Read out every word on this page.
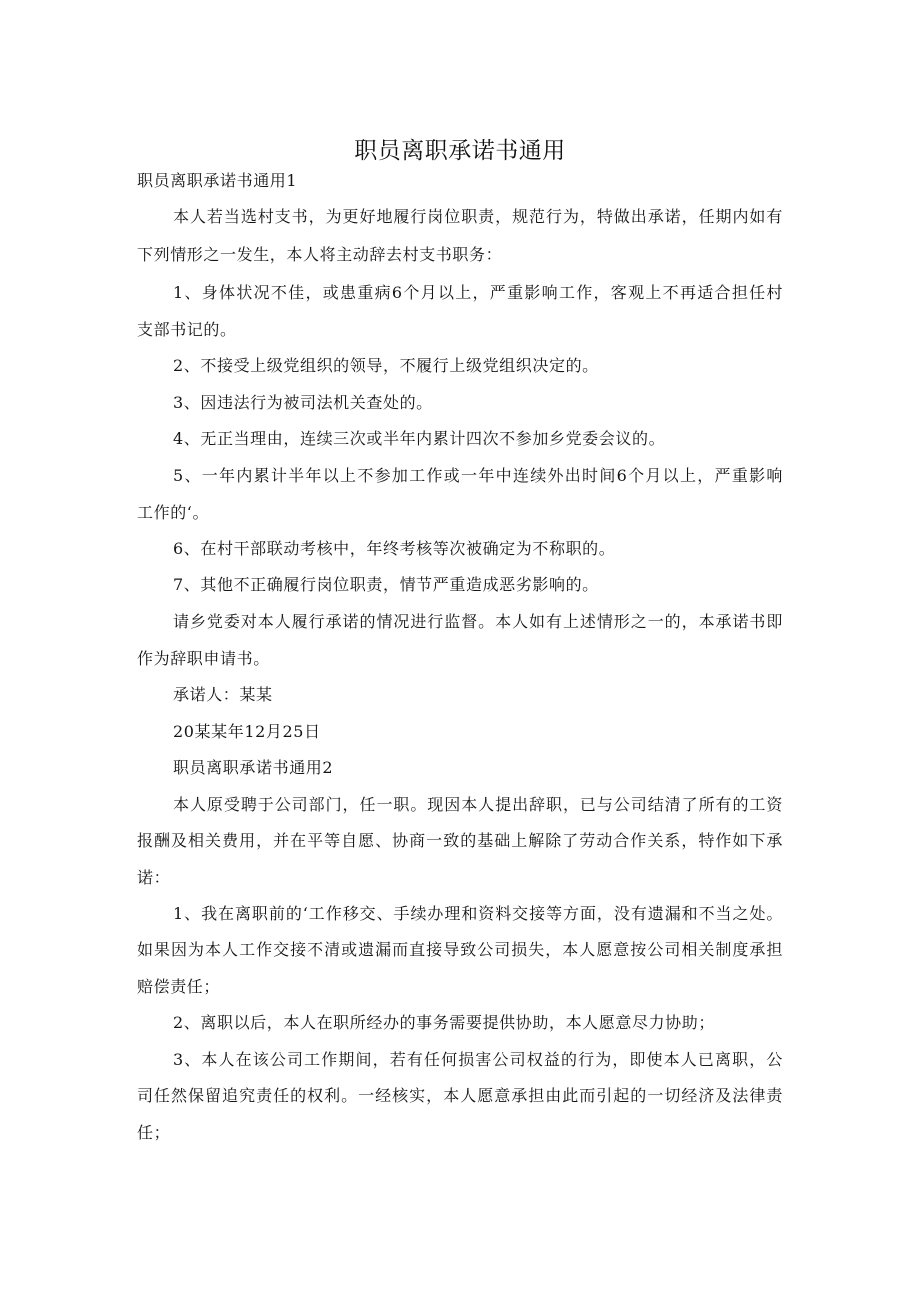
职员离职承诺书通用
职员离职承诺书通用1
本人若当选村支书，为更好地履行岗位职责，规范行为，特做出承诺，任期内如有
下列情形之一发生，本人将主动辞去村支书职务：
1、身体状况不佳，或患重病6个月以上，严重影响工作，客观上不再适合担任村
支部书记的。
2、不接受上级党组织的领导，不履行上级党组织决定的。
3、因违法行为被司法机关查处的。
4、无正当理由，连续三次或半年内累计四次不参加乡党委会议的。
5、一年内累计半年以上不参加工作或一年中连续外出时间6个月以上，严重影响
工作的‘。
6、在村干部联动考核中，年终考核等次被确定为不称职的。
7、其他不正确履行岗位职责，情节严重造成恶劣影响的。
请乡党委对本人履行承诺的情况进行监督。本人如有上述情形之一的，本承诺书即
作为辞职申请书。
承诺人：某某
20某某年12月25日
职员离职承诺书通用2
本人原受聘于公司部门，任一职。现因本人提出辞职，已与公司结清了所有的工资
报酬及相关费用，并在平等自愿、协商一致的基础上解除了劳动合作关系，特作如下承
诺：
1、我在离职前的‘工作移交、手续办理和资料交接等方面，没有遗漏和不当之处。
如果因为本人工作交接不清或遗漏而直接导致公司损失，本人愿意按公司相关制度承担
赔偿责任；
2、离职以后，本人在职所经办的事务需要提供协助，本人愿意尽力协助；
3、本人在该公司工作期间，若有任何损害公司权益的行为，即使本人已离职，公
司任然保留追究责任的权利。一经核实，本人愿意承担由此而引起的一切经济及法律责
任；
